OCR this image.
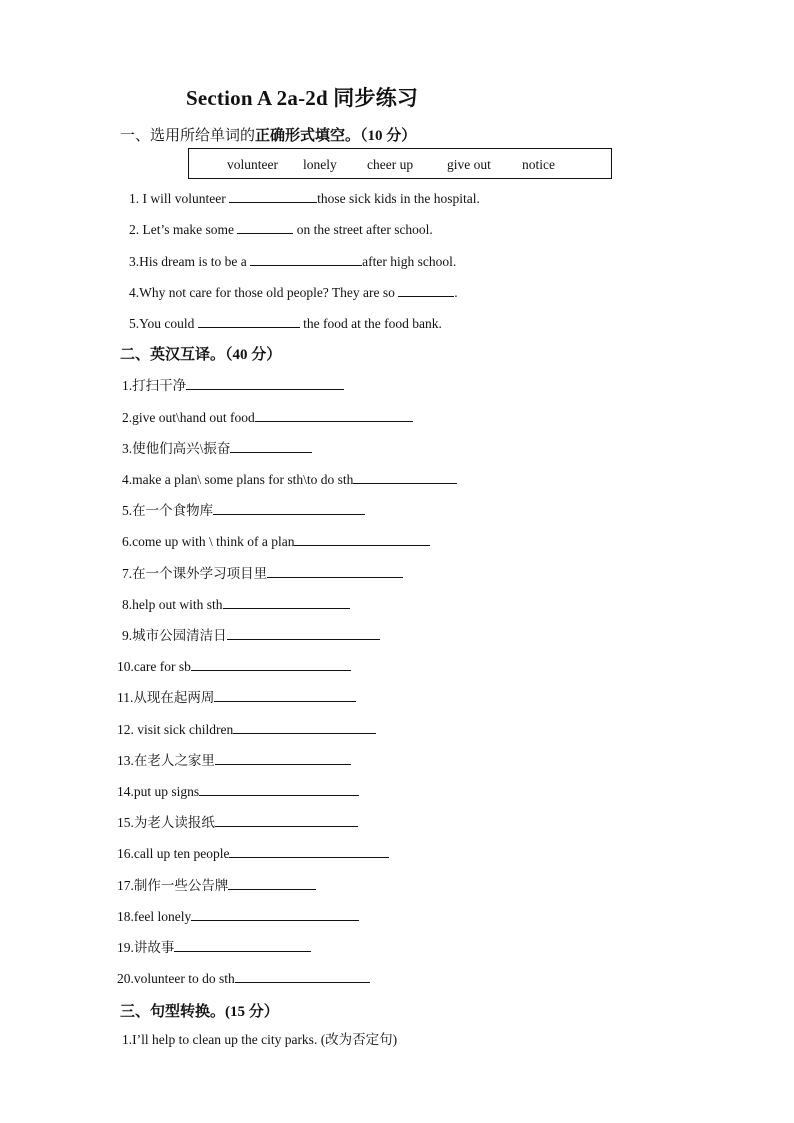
Section A 2a-2d 同步练习
一、选用所给单词的正确形式填空。（10 分）
volunteer lonely cheer up	give out notice
1. I will volunteer	those sick kids in the hospital.
2. Let’s make some	on the street after school.
3.His dream is to be a	after high school.
4.Why not care for those old people? They are so	.
5.You could	the food at the food bank.
二、英汉互译。（40 分）
1.打扫干净
2.give out\hand out food
3.使他们高兴\振奋
4.make a plan\ some plans for sth\to do sth
5.在一个食物库
6.come up with \ think of a plan
7.在一个课外学习项目里
8.help out with sth
9.城市公园清洁日
10.care for sb
11.从现在起两周
12. visit sick children
13.在老人之家里
14.put up signs
15.为老人读报纸
16.call up ten people
17.制作一些公告牌
18.feel lonely
19.讲故事
20.volunteer to do sth
三、句型转换。(15 分）
1.I’ll help to clean up the city parks. (改为否定句)
